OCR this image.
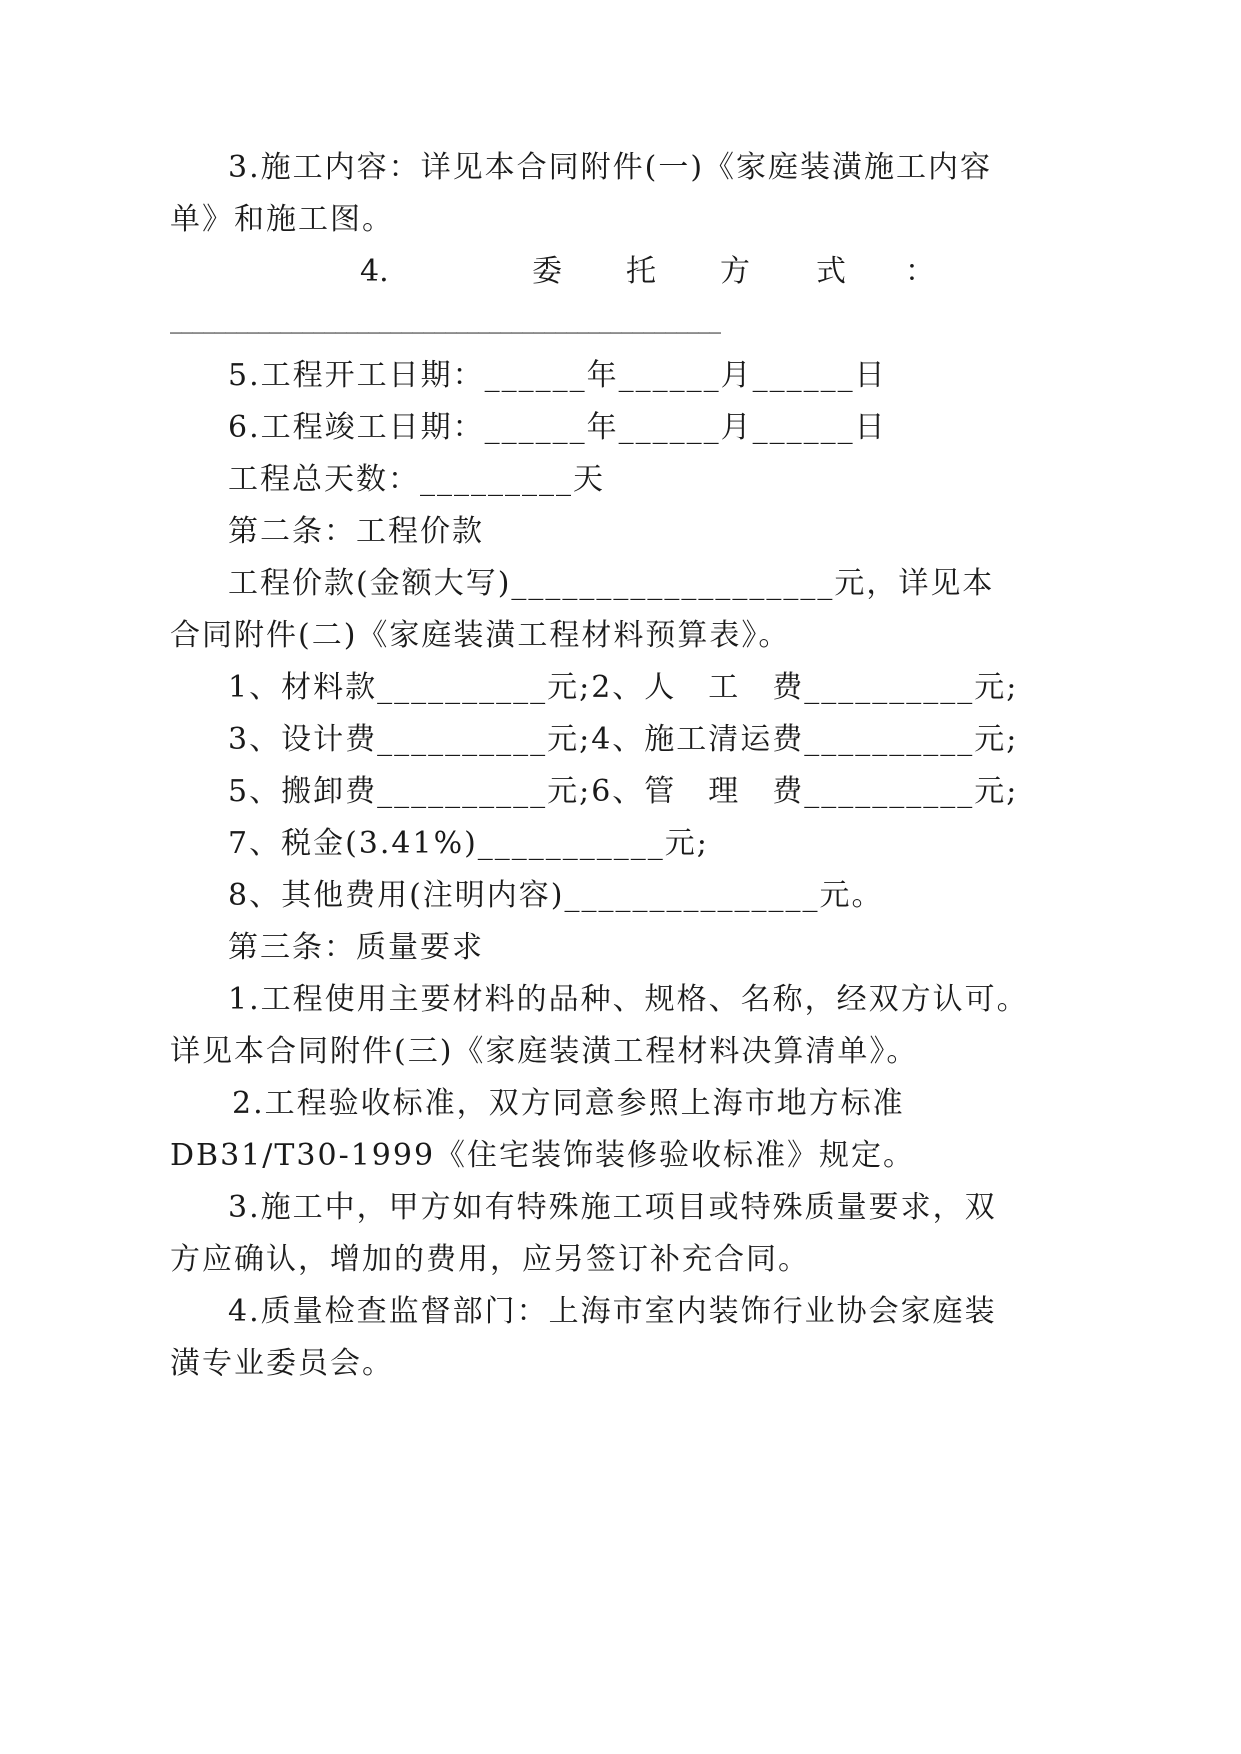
3.施工内容：详见本合同附件(一)《家庭装潢施工内容
单》和施工图。
4.	委 托 方 式 ：
__________________________________________________
5.工程开工日期：______年______月______日
6.工程竣工日期：______年______月______日
工程总天数：_________天
第二条：工程价款
工程价款(金额大写)___________________元，详见本
合同附件(二)《家庭装潢工程材料预算表》。
1、材料款__________元;2、人　工　费__________元;
3、设计费__________元;4、施工清运费__________元;
5、搬卸费__________元;6、管　理　费__________元;
7、税金(3.41%)___________元;
8、其他费用(注明内容)_______________元。
第三条：质量要求
1.工程使用主要材料的品种、规格、名称，经双方认可。
详见本合同附件(三)《家庭装潢工程材料决算清单》。
2.工程验收标准，双方同意参照上海市地方标准
DB31/T30-1999《住宅装饰装修验收标准》规定。
3.施工中，甲方如有特殊施工项目或特殊质量要求，双
方应确认，增加的费用，应另签订补充合同。
4.质量检查监督部门：上海市室内装饰行业协会家庭装
潢专业委员会。
